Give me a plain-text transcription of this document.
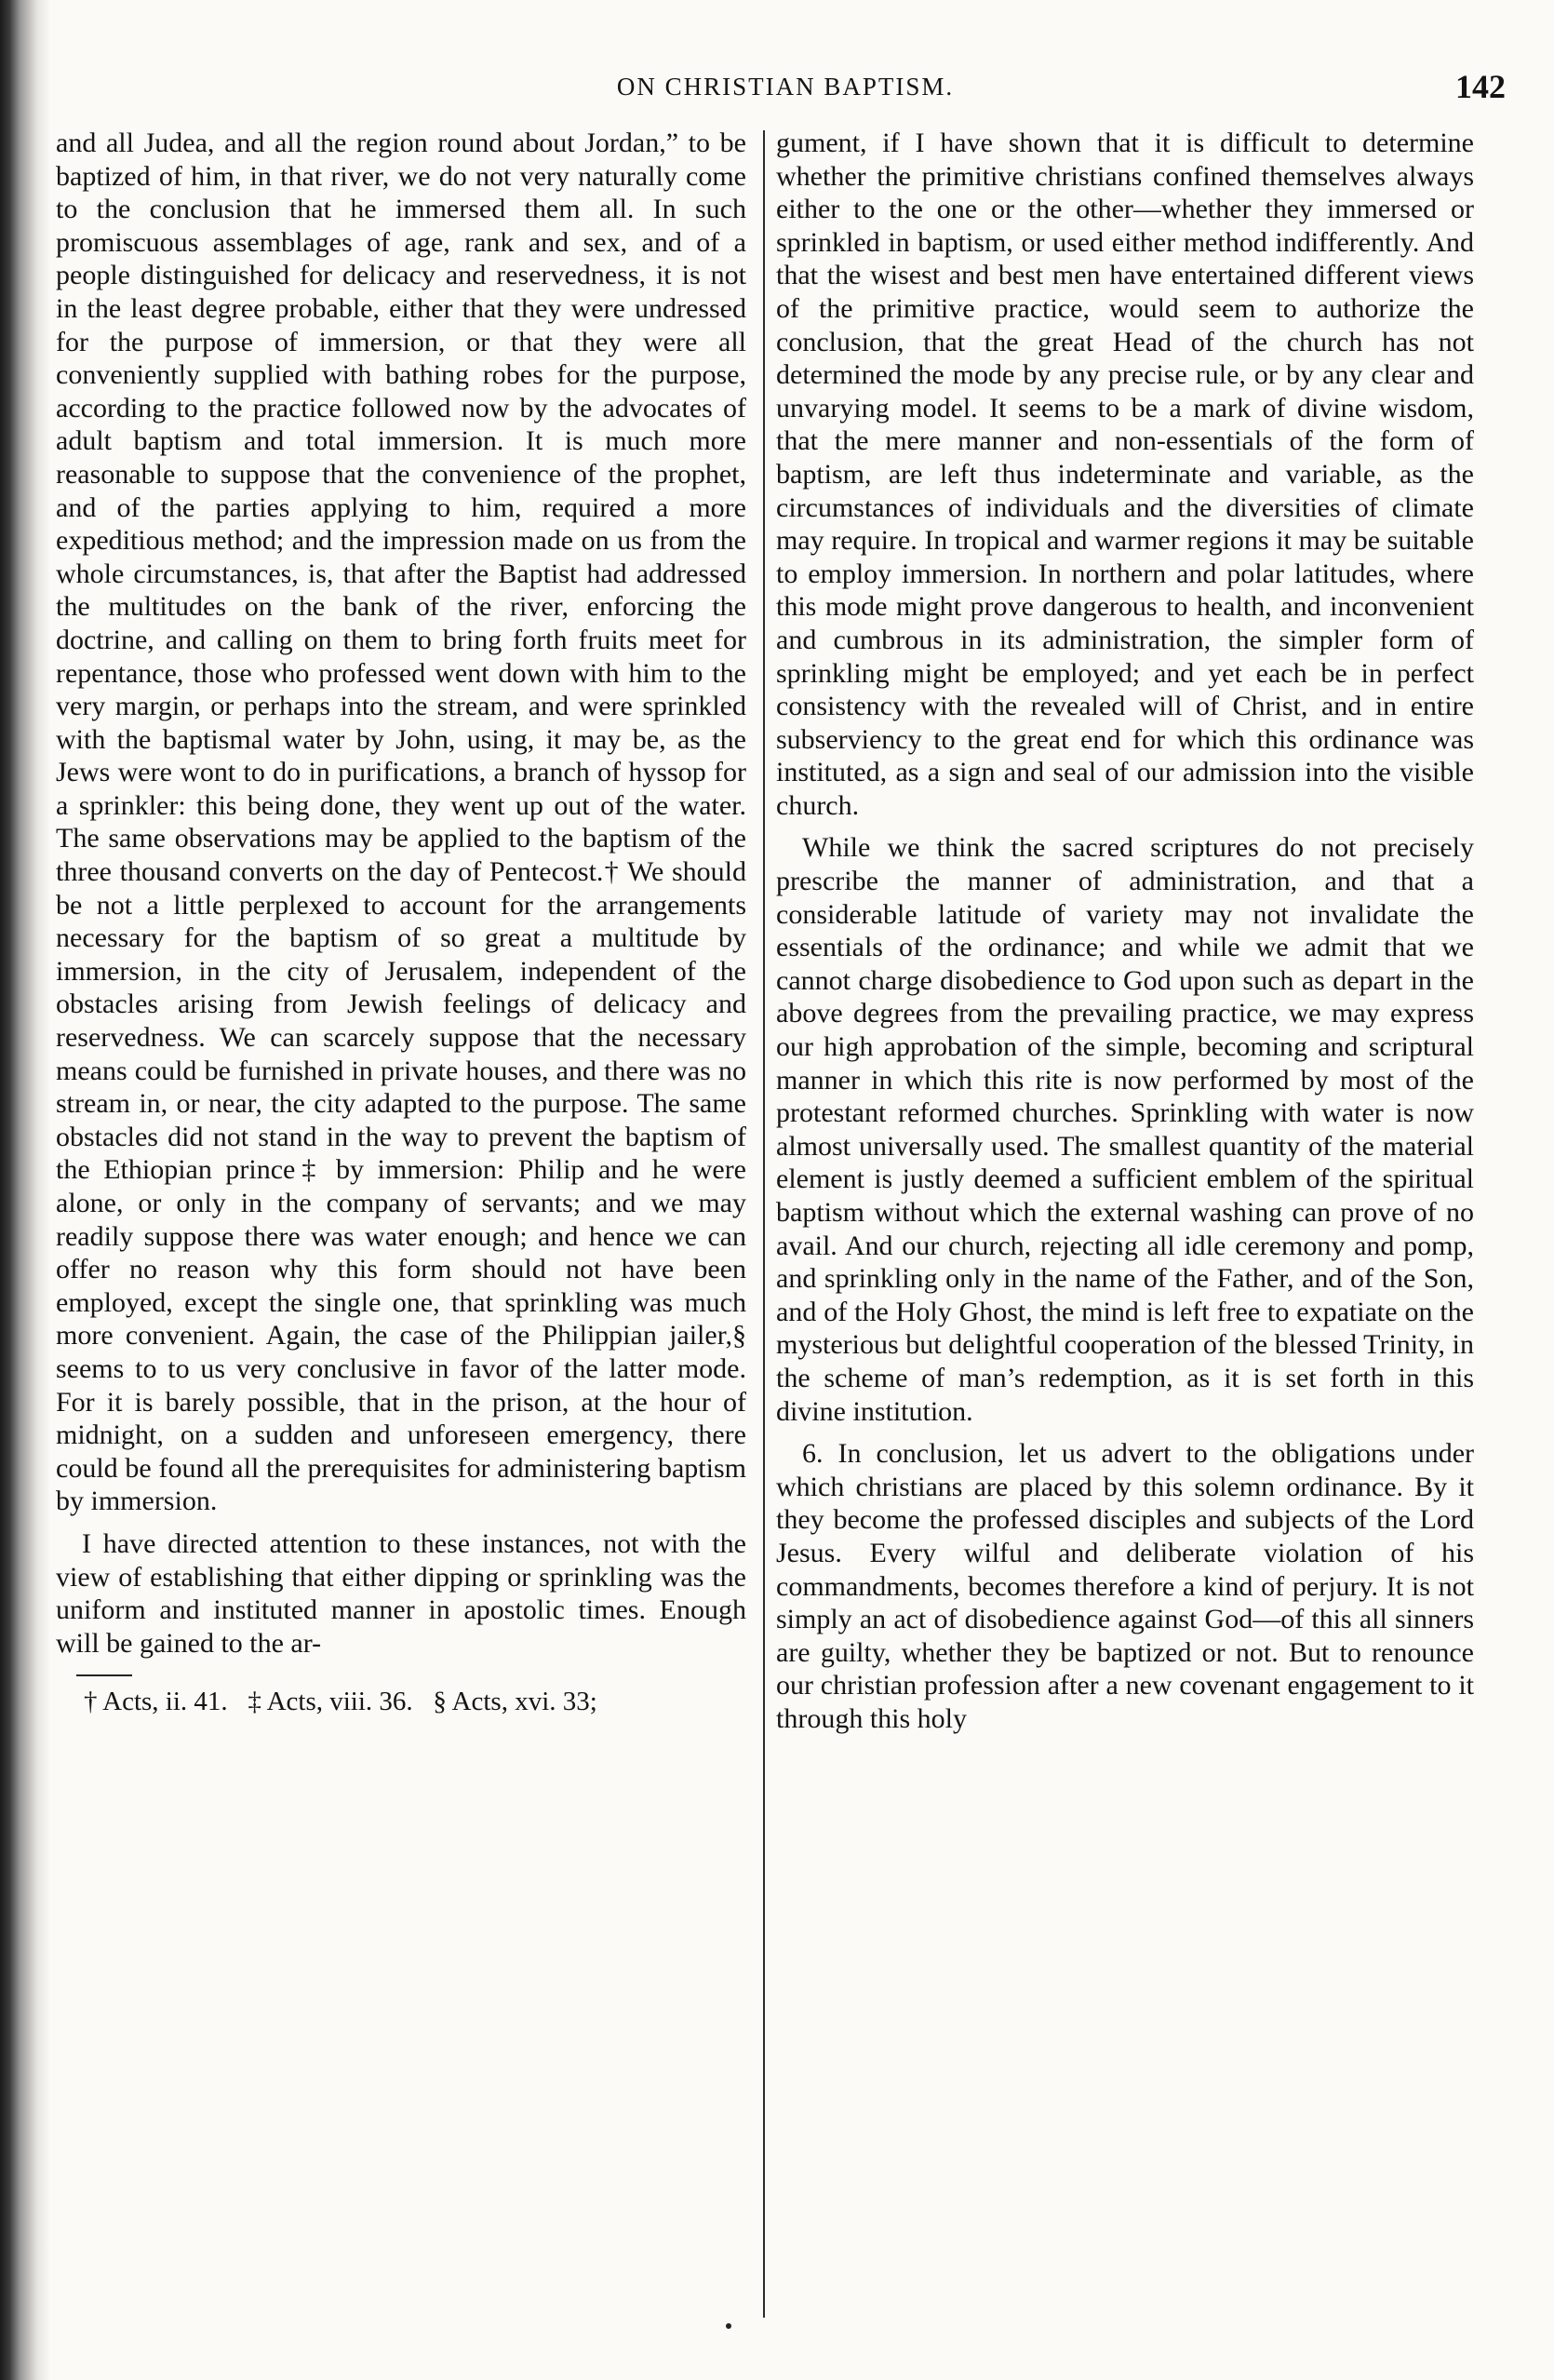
ON CHRISTIAN BAPTISM.	142

and all Judea, and all the region round about Jordan,” to be baptized of him, in that river, we do not very naturally come to the conclusion that he immersed them all. In such promiscuous assemblages of age, rank and sex, and of a people distinguished for delicacy and reservedness, it is not in the least degree probable, either that they were undressed for the purpose of immersion, or that they were all conveniently supplied with bathing robes for the purpose, according to the practice followed now by the advocates of adult baptism and total immersion. It is much more reasonable to suppose that the convenience of the prophet, and of the parties applying to him, required a more expeditious method; and the impression made on us from the whole circumstances, is, that after the Baptist had addressed the multitudes on the bank of the river, enforcing the doctrine, and calling on them to bring forth fruits meet for repentance, those who professed went down with him to the very margin, or perhaps into the stream, and were sprinkled with the baptismal water by John, using, it may be, as the Jews were wont to do in purifications, a branch of hyssop for a sprinkler: this being done, they went up out of the water. The same observations may be applied to the baptism of the three thousand converts on the day of Pentecost.† We should be not a little perplexed to account for the arrangements necessary for the baptism of so great a multitude by immersion, in the city of Jerusalem, independent of the obstacles arising from Jewish feelings of delicacy and reservedness. We can scarcely suppose that the necessary means could be furnished in private houses, and there was no stream in, or near, the city adapted to the purpose. The same obstacles did not stand in the way to prevent the baptism of the Ethiopian prince‡ by immersion: Philip and he were alone, or only in the company of servants; and we may readily suppose there was water enough; and hence we can offer no reason why this form should not have been employed, except the single one, that sprinkling was much more convenient. Again, the case of the Philippian jailer,§ seems to to us very conclusive in favor of the latter mode. For it is barely possible, that in the prison, at the hour of midnight, on a sudden and unforeseen emergency, there could be found all the prerequisites for administering baptism by immersion.

I have directed attention to these instances, not with the view of establishing that either dipping or sprinkling was the uniform and instituted manner in apostolic times. Enough will be gained to the ar-

† Acts, ii. 41.   ‡ Acts, viii. 36.   § Acts, xvi. 33;

gument, if I have shown that it is difficult to determine whether the primitive christians confined themselves always either to the one or the other—whether they immersed or sprinkled in baptism, or used either method indifferently. And that the wisest and best men have entertained different views of the primitive practice, would seem to authorize the conclusion, that the great Head of the church has not determined the mode by any precise rule, or by any clear and unvarying model. It seems to be a mark of divine wisdom, that the mere manner and non-essentials of the form of baptism, are left thus indeterminate and variable, as the circumstances of individuals and the diversities of climate may require. In tropical and warmer regions it may be suitable to employ immersion. In northern and polar latitudes, where this mode might prove dangerous to health, and inconvenient and cumbrous in its administration, the simpler form of sprinkling might be employed; and yet each be in perfect consistency with the revealed will of Christ, and in entire subserviency to the great end for which this ordinance was instituted, as a sign and seal of our admission into the visible church.

While we think the sacred scriptures do not precisely prescribe the manner of administration, and that a considerable latitude of variety may not invalidate the essentials of the ordinance; and while we admit that we cannot charge disobedience to God upon such as depart in the above degrees from the prevailing practice, we may express our high approbation of the simple, becoming and scriptural manner in which this rite is now performed by most of the protestant reformed churches. Sprinkling with water is now almost universally used. The smallest quantity of the material element is justly deemed a sufficient emblem of the spiritual baptism without which the external washing can prove of no avail. And our church, rejecting all idle ceremony and pomp, and sprinkling only in the name of the Father, and of the Son, and of the Holy Ghost, the mind is left free to expatiate on the mysterious but delightful cooperation of the blessed Trinity, in the scheme of man’s redemption, as it is set forth in this divine institution.

6. In conclusion, let us advert to the obligations under which christians are placed by this solemn ordinance. By it they become the professed disciples and subjects of the Lord Jesus. Every wilful and deliberate violation of his commandments, becomes therefore a kind of perjury. It is not simply an act of disobedience against God—of this all sinners are guilty, whether they be baptized or not. But to renounce our christian profession after a new covenant engagement to it through this holy
